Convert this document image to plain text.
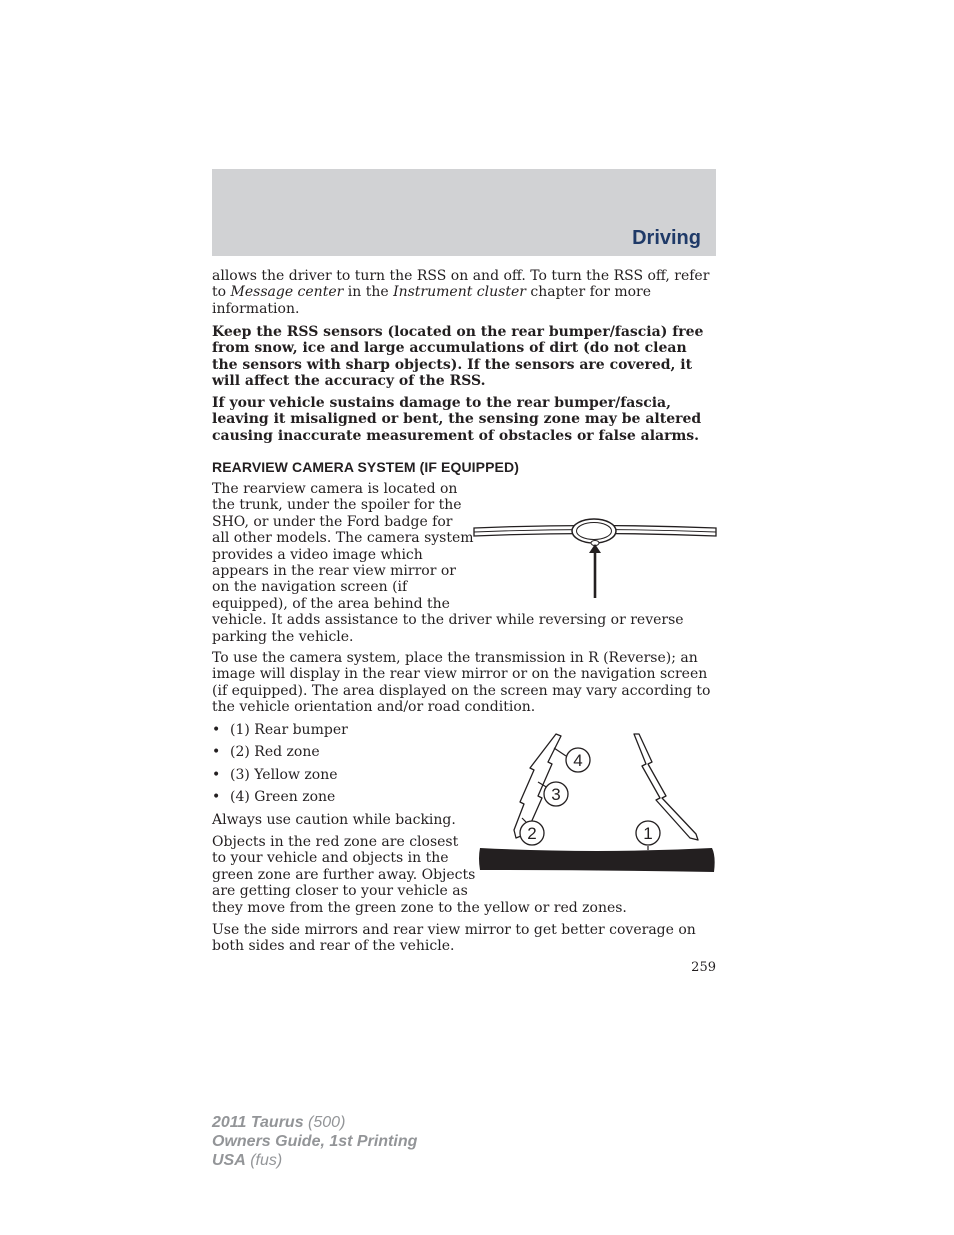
Driving

allows the driver to turn the RSS on and off. To turn the RSS off, refer to Message center in the Instrument cluster chapter for more information.

Keep the RSS sensors (located on the rear bumper/fascia) free from snow, ice and large accumulations of dirt (do not clean the sensors with sharp objects). If the sensors are covered, it will affect the accuracy of the RSS.

If your vehicle sustains damage to the rear bumper/fascia, leaving it misaligned or bent, the sensing zone may be altered causing inaccurate measurement of obstacles or false alarms.

REARVIEW CAMERA SYSTEM (IF EQUIPPED)
The rearview camera is located on
the trunk, under the spoiler for the
SHO, or under the Ford badge for
all other models. The camera system
provides a video image which
appears in the rear view mirror or
on the navigation screen (if
equipped), of the area behind the
vehicle. It adds assistance to the driver while reversing or reverse
parking the vehicle.

To use the camera system, place the transmission in R (Reverse); an image will display in the rear view mirror or on the navigation screen (if equipped). The area displayed on the screen may vary according to the vehicle orientation and/or road condition.

• (1) Rear bumper
• (2) Red zone
• (3) Yellow zone
• (4) Green zone

Always use caution while backing.

Objects in the red zone are closest
to your vehicle and objects in the
green zone are further away. Objects
are getting closer to your vehicle as
they move from the green zone to the yellow or red zones.
4
3
2	1

Use the side mirrors and rear view mirror to get better coverage on both sides and rear of the vehicle.

259
2011 Taurus (500)
Owners Guide, 1st Printing
USA (fus)
